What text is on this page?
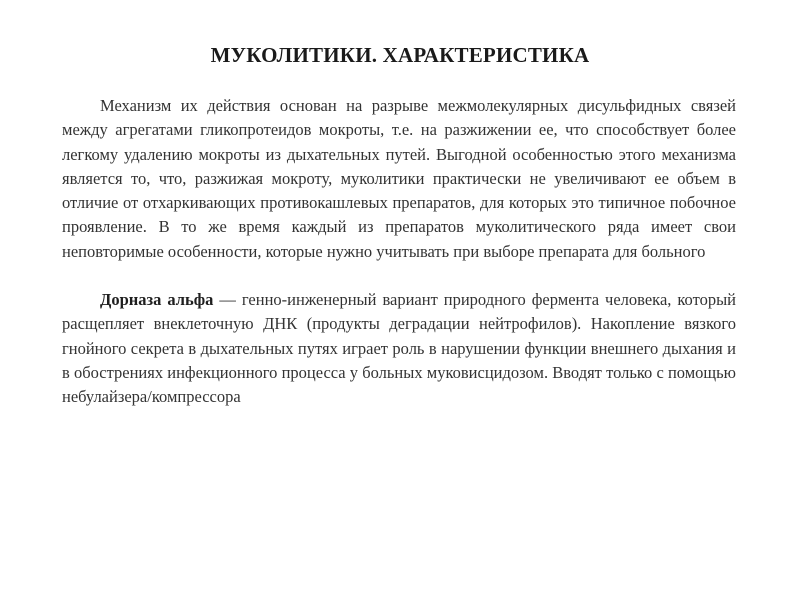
МУКОЛИТИКИ. ХАРАКТЕРИСТИКА

Механизм их действия основан на разрыве межмолекулярных дисульфидных связей между агрегатами гликопротеидов мокроты, т.е. на разжижении ее, что способствует более легкому удалению мокроты из дыхательных путей. Выгодной особенностью этого механизма является то, что, разжижая мокроту, муколитики практически не увеличивают ее объем в отличие от отхаркивающих противокашлевых препаратов, для которых это типичное побочное проявление. В то же время каждый из препаратов муколитического ряда имеет свои неповторимые особенности, которые нужно учитывать при выборе препарата для больного

Дорназа альфа — генно-инженерный вариант природного фермента человека, который расщепляет внеклеточную ДНК (продукты деградации нейтрофилов). Накопление вязкого гнойного секрета в дыхательных путях играет роль в нарушении функции внешнего дыхания и в обострениях инфекционного процесса у больных муковисцидозом. Вводят только с помощью небулайзера/компрессора
